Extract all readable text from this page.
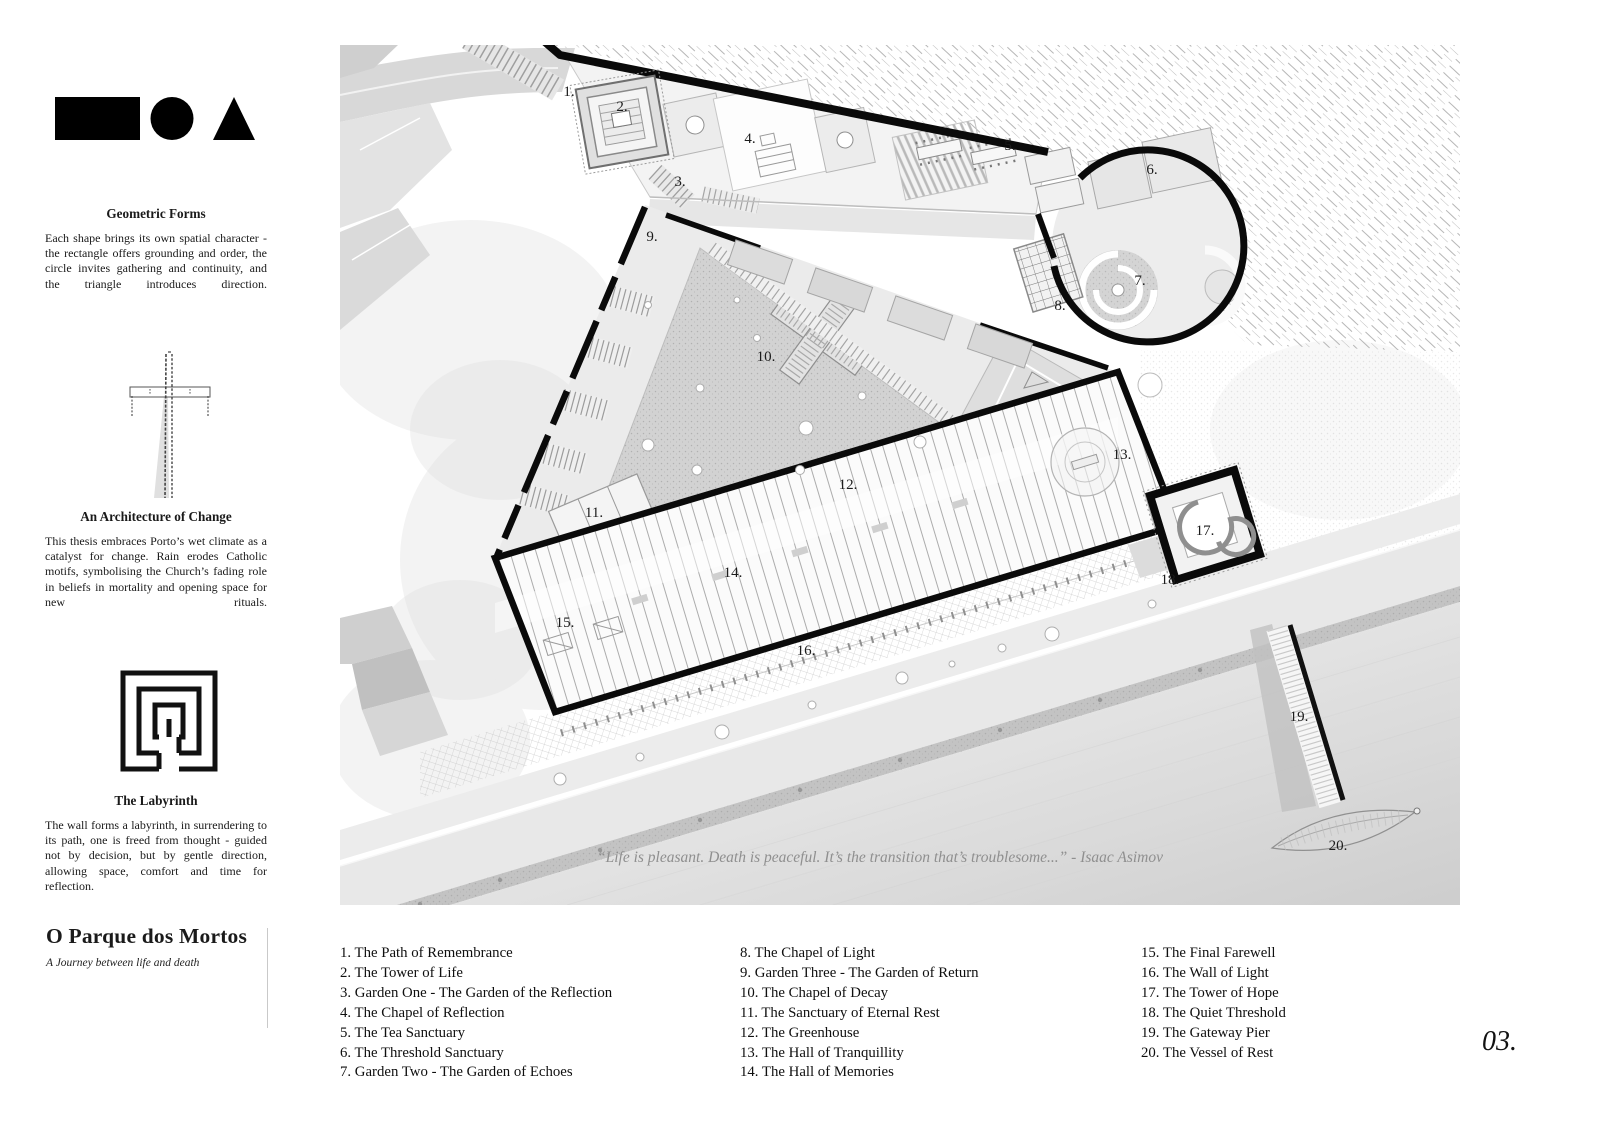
Geometric Forms
Each shape brings its own spatial character - the rectangle offers grounding and order, the circle invites gathering and continuity, and the triangle introduces direction.
An Architecture of Change
This thesis embraces Porto’s wet climate as a catalyst for change. Rain erodes Catholic motifs, symbolising the Church’s fading role in beliefs in mortality and opening space for new rituals.
The Labyrinth
The wall forms a labyrinth, in surrendering to its path, one is freed from thought - guided not by decision, but by gentle direction, allowing space, comfort and time for reflection.
O Parque dos Mortos
A Journey between life and death
1.
2.
3.
4.	5.
6.
7.
8.
9.
10.
11.
12.
13.
14.
15.
16.
17.
18.
19.
20.
“Life is pleasant. Death is peaceful. It’s the transition that’s troublesome...” - Isaac Asimov
1. The Path of Remembrance
2. The Tower of Life
3. Garden One - The Garden of the Reflection
4. The Chapel of Reflection
5. The Tea Sanctuary
6. The Threshold Sanctuary
7. Garden Two - The Garden of Echoes
8. The Chapel of Light
9. Garden Three - The Garden of Return
10. The Chapel of Decay
11. The Sanctuary of Eternal Rest
12. The Greenhouse
13. The Hall of Tranquillity
14. The Hall of Memories
15. The Final Farewell
16. The Wall of Light
17. The Tower of Hope
18. The Quiet Threshold
19. The Gateway Pier
20. The Vessel of Rest	03.
